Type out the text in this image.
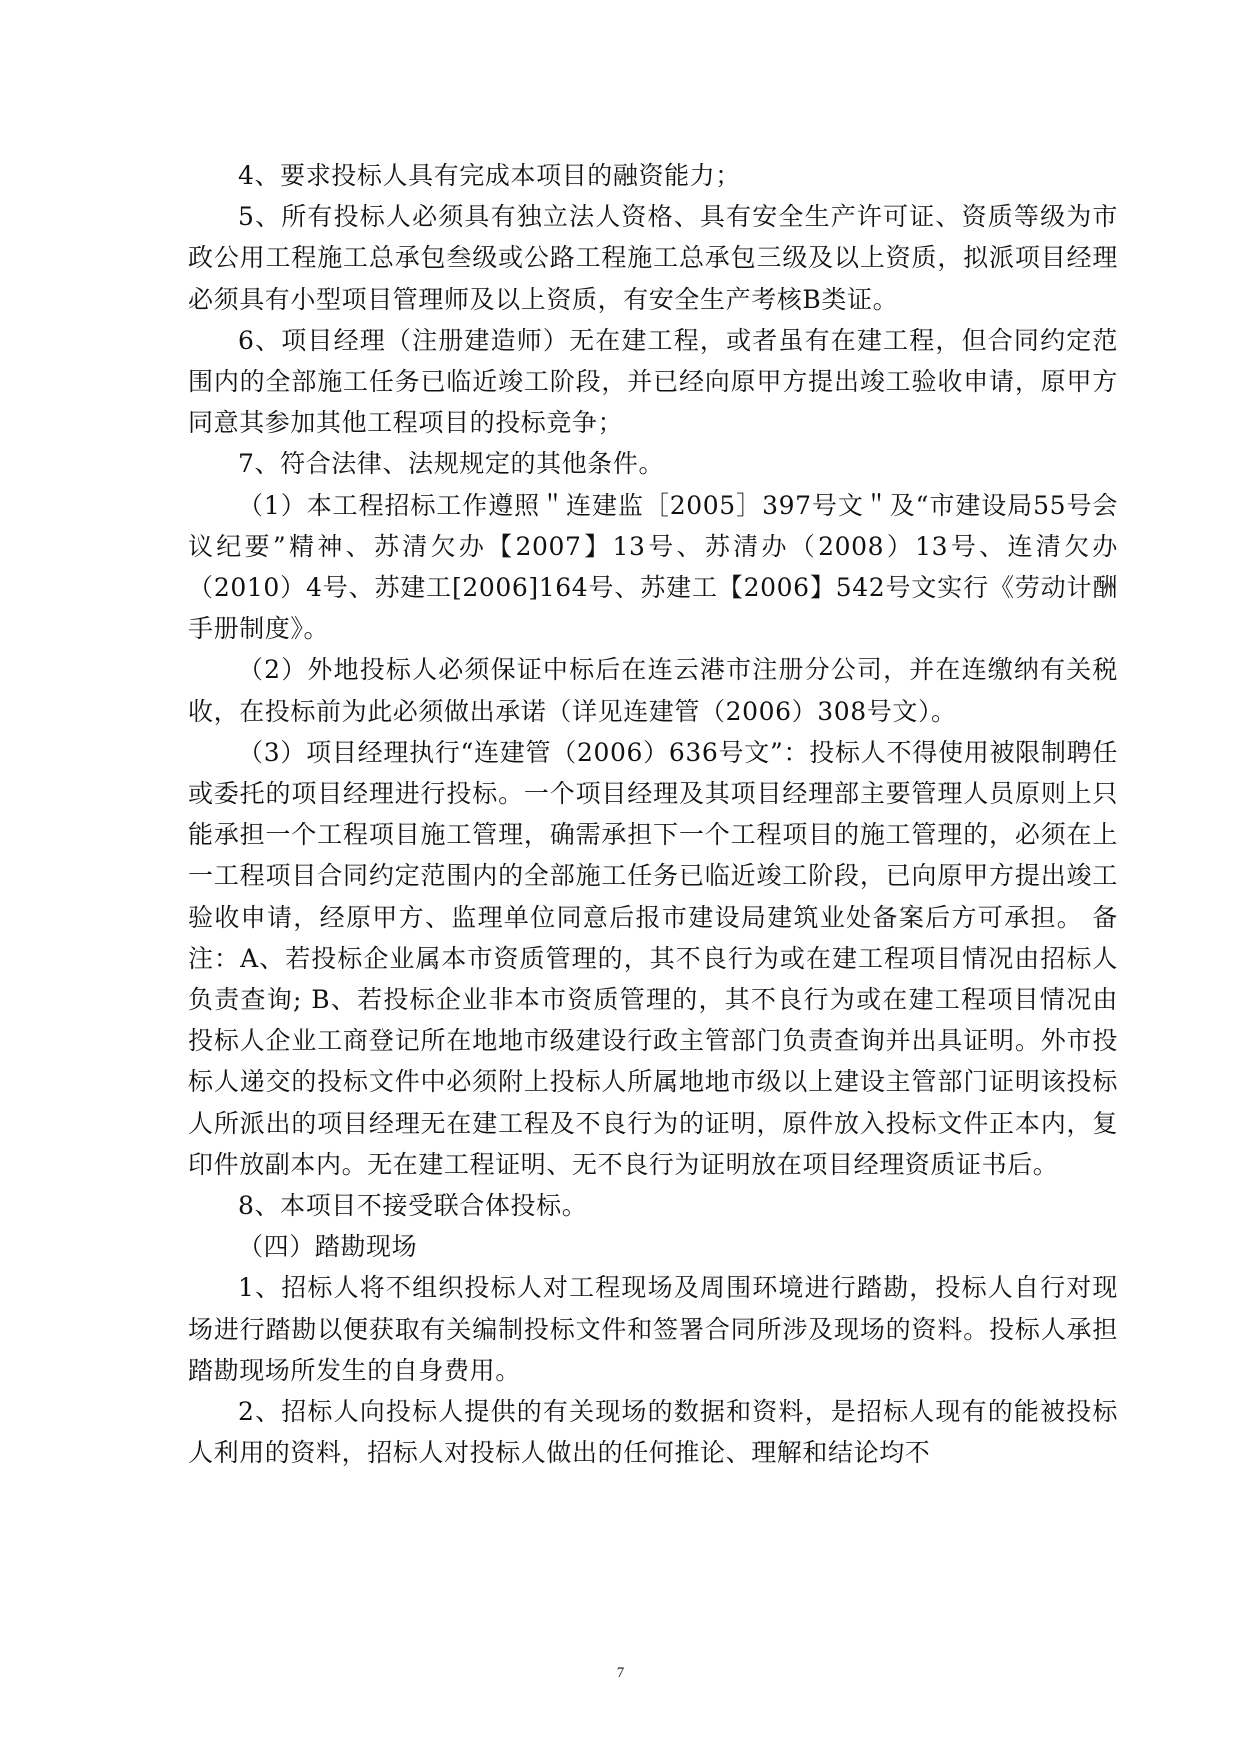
4、要求投标人具有完成本项目的融资能力；

5、所有投标人必须具有独立法人资格、具有安全生产许可证、资质等级为市政公用工程施工总承包叁级或公路工程施工总承包三级及以上资质，拟派项目经理必须具有小型项目管理师及以上资质，有安全生产考核B类证。

6、项目经理（注册建造师）无在建工程，或者虽有在建工程，但合同约定范围内的全部施工任务已临近竣工阶段，并已经向原甲方提出竣工验收申请，原甲方同意其参加其他工程项目的投标竞争；

7、符合法律、法规规定的其他条件。

（1）本工程招标工作遵照＂连建监［2005］397号文＂及“市建设局55号会议纪要”精神、苏清欠办【2007】13号、苏清办（2008）13号、连清欠办（2010）4号、苏建工[2006]164号、苏建工【2006】542号文实行《劳动计酬手册制度》。

（2）外地投标人必须保证中标后在连云港市注册分公司，并在连缴纳有关税收，在投标前为此必须做出承诺（详见连建管（2006）308号文）。

（3）项目经理执行“连建管（2006）636号文”：投标人不得使用被限制聘任或委托的项目经理进行投标。一个项目经理及其项目经理部主要管理人员原则上只能承担一个工程项目施工管理，确需承担下一个工程项目的施工管理的，必须在上一工程项目合同约定范围内的全部施工任务已临近竣工阶段，已向原甲方提出竣工验收申请，经原甲方、监理单位同意后报市建设局建筑业处备案后方可承担。 备注：A、若投标企业属本市资质管理的，其不良行为或在建工程项目情况由招标人负责查询; B、若投标企业非本市资质管理的，其不良行为或在建工程项目情况由投标人企业工商登记所在地地市级建设行政主管部门负责查询并出具证明。外市投标人递交的投标文件中必须附上投标人所属地地市级以上建设主管部门证明该投标人所派出的项目经理无在建工程及不良行为的证明，原件放入投标文件正本内，复印件放副本内。无在建工程证明、无不良行为证明放在项目经理资质证书后。

8、本项目不接受联合体投标。

（四）踏勘现场

1、招标人将不组织投标人对工程现场及周围环境进行踏勘，投标人自行对现场进行踏勘以便获取有关编制投标文件和签署合同所涉及现场的资料。投标人承担踏勘现场所发生的自身费用。

2、招标人向投标人提供的有关现场的数据和资料，是招标人现有的能被投标人利用的资料，招标人对投标人做出的任何推论、理解和结论均不

7
